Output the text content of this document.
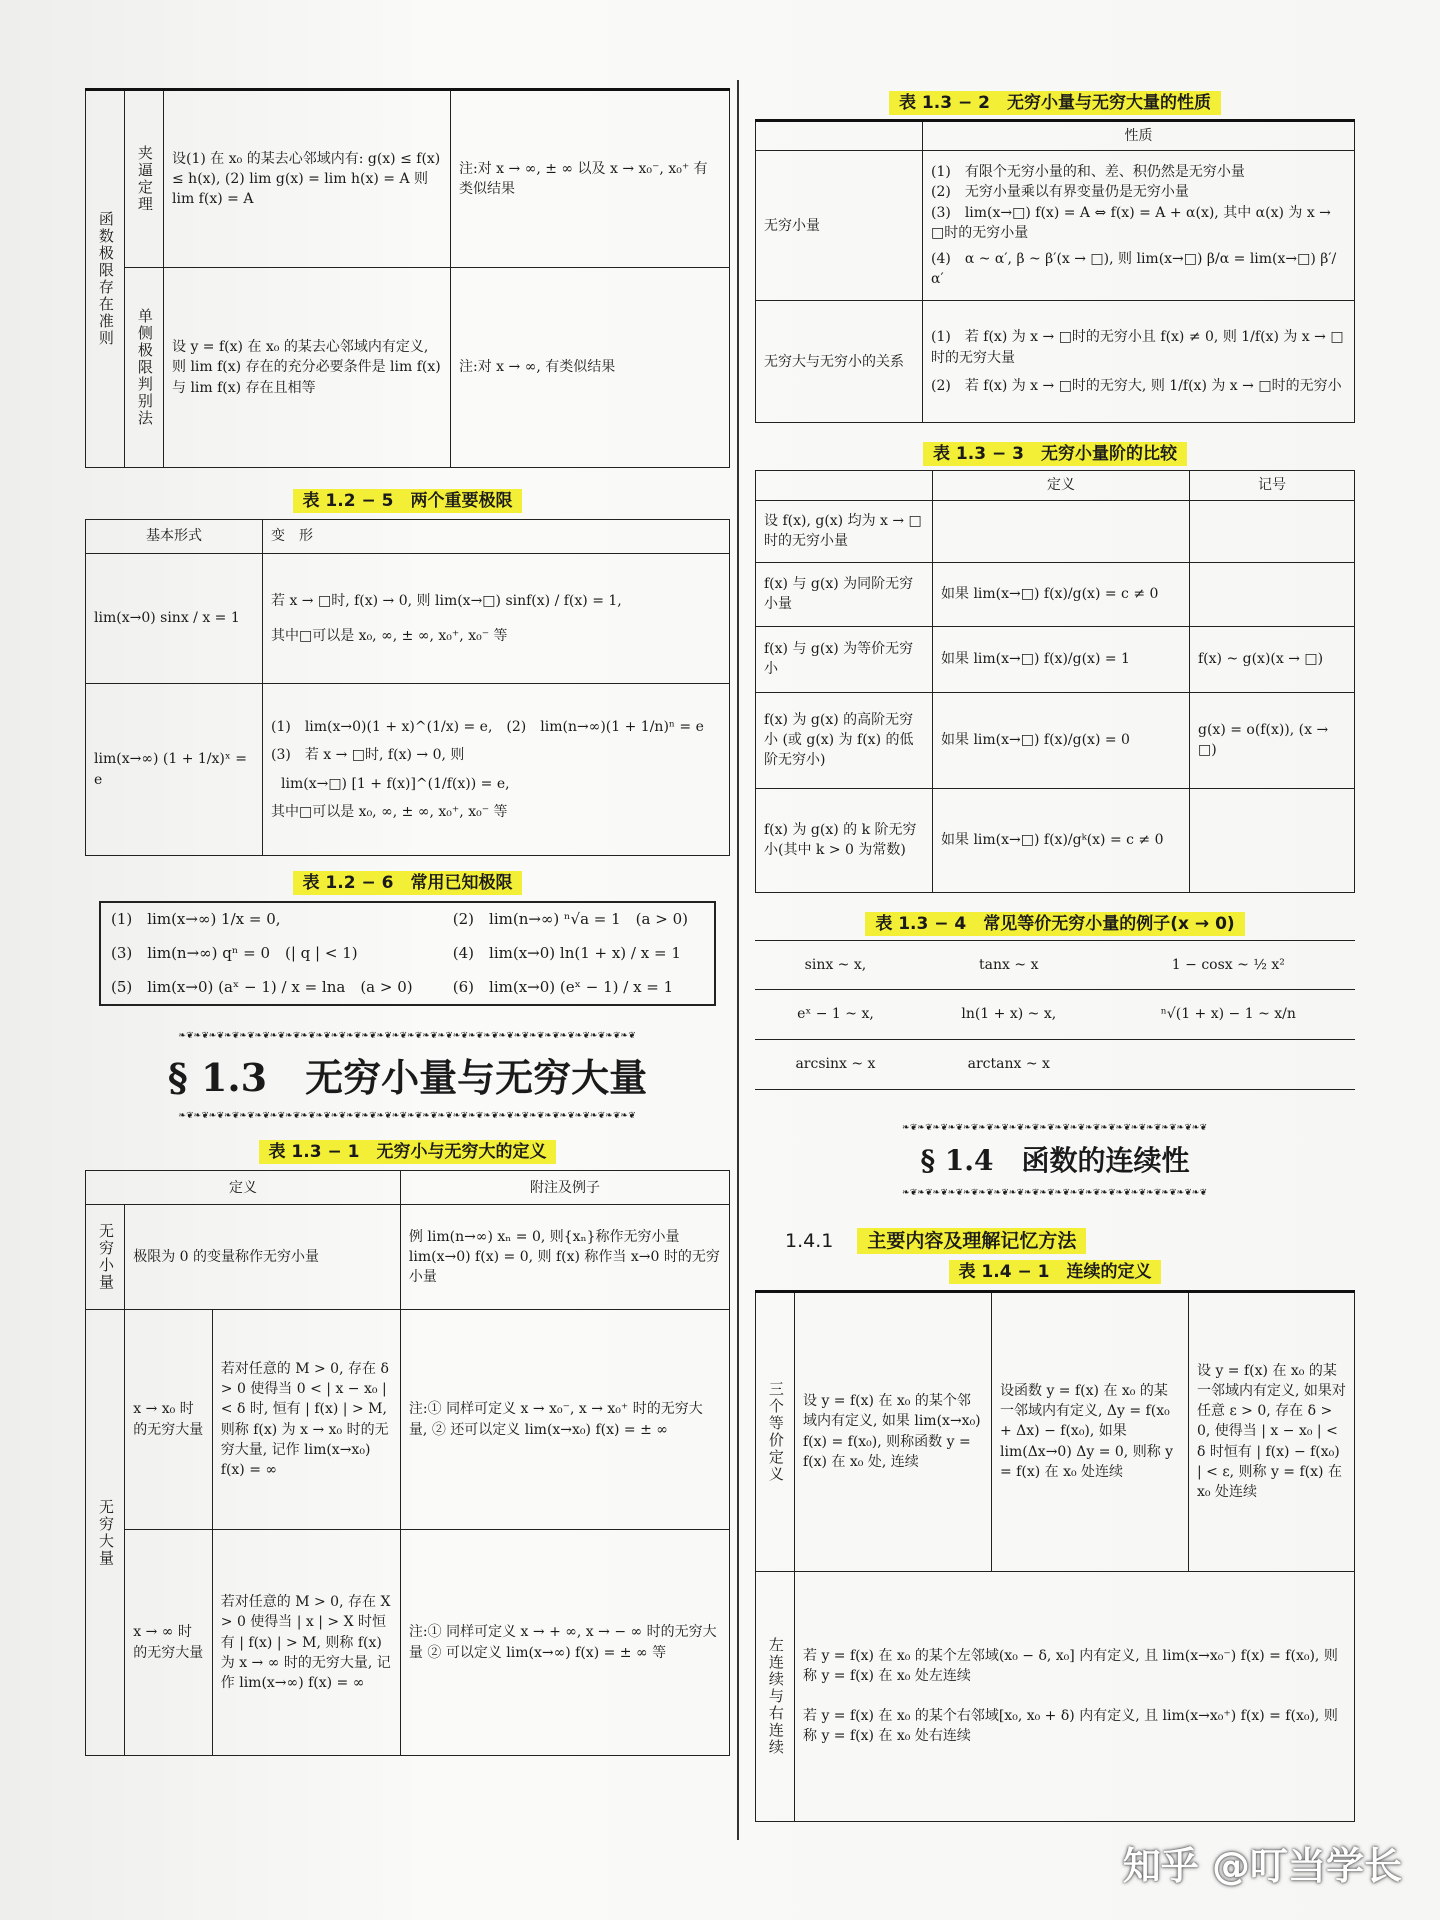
函数极限存在准则	夹逼定理	设(1) 在 x₀ 的某去心邻域内有: g(x) ≤ f(x) ≤ h(x), (2) lim g(x) = lim h(x) = A 则 lim f(x) = A	注:对 x → ∞, ± ∞ 以及 x → x₀⁻, x₀⁺ 有类似结果
	单侧极限判别法	设 y = f(x) 在 x₀ 的某去心邻域内有定义, 则 lim f(x) 存在的充分必要条件是 lim f(x) 与 lim f(x) 存在且相等	注:对 x → ∞, 有类似结果
表 1.2 − 5　两个重要极限
基本形式	变　形
lim(x→0) sinx / x = 1	若 x → □时, f(x) → 0, 则 lim(x→□) sinf(x) / f(x) = 1,
其中□可以是 x₀, ∞, ± ∞, x₀⁺, x₀⁻ 等

lim(x→∞) (1 + 1/x)ˣ = e	(1)　lim(x→0)(1 + x)^(1/x) = e,　(2)　lim(n→∞)(1 + 1/n)ⁿ = e
(3)　若 x → □时, f(x) → 0, 则
lim(x→□) [1 + f(x)]^(1/f(x)) = e,
其中□可以是 x₀, ∞, ± ∞, x₀⁺, x₀⁻ 等
表 1.2 − 6　常用已知极限
(1)　lim(x→∞) 1/x = 0,	(2)　lim(n→∞) ⁿ√a = 1　(a > 0)
(3)　lim(n→∞) qⁿ = 0　(| q | < 1)	(4)　lim(x→0) ln(1 + x) / x = 1
(5)　lim(x→0) (aˣ − 1) / x = lna　(a > 0)	(6)　lim(x→0) (eˣ − 1) / x = 1
❧❦❧❦❧❦❧❦❧❦❧❦❧❦❧❦❧❦❧❦❧❦❧❦❧❦❧❦❧❦❧❦❧❦❧❦❧❦❧❦❧❦❧❦❧❦❧❦❧❦❧❦❧❦❧❦❧❦❧❦
§ 1.3　无穷小量与无穷大量
❧❦❧❦❧❦❧❦❧❦❧❦❧❦❧❦❧❦❧❦❧❦❧❦❧❦❧❦❧❦❧❦❧❦❧❦❧❦❧❦❧❦❧❦❧❦❧❦❧❦❧❦❧❦❧❦❧❦❧❦
表 1.3 − 1　无穷小与无穷大的定义
定义			附注及例子
无穷小量	极限为 0 的变量称作无穷小量		例 lim(n→∞) xₙ = 0, 则{xₙ}称作无穷小量 lim(x→0) f(x) = 0, 则 f(x) 称作当 x→0 时的无穷小量
无穷大量	x → x₀ 时的无穷大量	若对任意的 M > 0, 存在 δ > 0 使得当 0 < | x − x₀ | < δ 时, 恒有 | f(x) | > M, 则称 f(x) 为 x → x₀ 时的无穷大量, 记作 lim(x→x₀) f(x) = ∞	注:① 同样可定义 x → x₀⁻, x → x₀⁺ 时的无穷大量, ② 还可以定义 lim(x→x₀) f(x) = ± ∞
	x → ∞ 时的无穷大量	若对任意的 M > 0, 存在 X > 0 使得当 | x | > X 时恒有 | f(x) | > M, 则称 f(x) 为 x → ∞ 时的无穷大量, 记作 lim(x→∞) f(x) = ∞	注:① 同样可定义 x → + ∞, x → − ∞ 时的无穷大量 ② 可以定义 lim(x→∞) f(x) = ± ∞ 等
表 1.3 − 2　无穷小量与无穷大量的性质
	性质
无穷小量	(1)　有限个无穷小量的和、差、积仍然是无穷小量
(2)　无穷小量乘以有界变量仍是无穷小量
(3)　lim(x→□) f(x) = A ⇔ f(x) = A + α(x), 其中 α(x) 为 x → □时的无穷小量
(4)　α ~ α′, β ~ β′(x → □), 则 lim(x→□) β/α = lim(x→□) β′/α′

无穷大与无穷小的关系	(1)　若 f(x) 为 x → □时的无穷小且 f(x) ≠ 0, 则 1/f(x) 为 x → □时的无穷大量
(2)　若 f(x) 为 x → □时的无穷大, 则 1/f(x) 为 x → □时的无穷小
表 1.3 − 3　无穷小量阶的比较
	定义	记号
设 f(x), g(x) 均为 x → □时的无穷小量		
f(x) 与 g(x) 为同阶无穷小量	如果 lim(x→□) f(x)/g(x) = c ≠ 0	
f(x) 与 g(x) 为等价无穷小	如果 lim(x→□) f(x)/g(x) = 1	f(x) ~ g(x)(x → □)
f(x) 为 g(x) 的高阶无穷小 (或 g(x) 为 f(x) 的低阶无穷小)	如果 lim(x→□) f(x)/g(x) = 0	g(x) = o(f(x)), (x → □)
f(x) 为 g(x) 的 k 阶无穷小(其中 k > 0 为常数)	如果 lim(x→□) f(x)/gᵏ(x) = c ≠ 0	
表 1.3 − 4　常见等价无穷小量的例子(x → 0)
sinx ~ x,	tanx ~ x	1 − cosx ~ ½ x²
eˣ − 1 ~ x,	ln(1 + x) ~ x,	ⁿ√(1 + x) − 1 ~ x/n
arcsinx ~ x	arctanx ~ x	
❧❦❧❦❧❦❧❦❧❦❧❦❧❦❧❦❧❦❧❦❧❦❧❦❧❦❧❦❧❦❧❦❧❦❧❦❧❦❧❦
§ 1.4　函数的连续性
❧❦❧❦❧❦❧❦❧❦❧❦❧❦❧❦❧❦❧❦❧❦❧❦❧❦❧❦❧❦❧❦❧❦❧❦❧❦❧❦
1.4.1 主要内容及理解记忆方法
表 1.4 − 1　连续的定义
三个等价定义	设 y = f(x) 在 x₀ 的某个邻域内有定义, 如果 lim(x→x₀) f(x) = f(x₀), 则称函数 y = f(x) 在 x₀ 处, 连续	设函数 y = f(x) 在 x₀ 的某一邻域内有定义, Δy = f(x₀ + Δx) − f(x₀), 如果 lim(Δx→0) Δy = 0, 则称 y = f(x) 在 x₀ 处连续	设 y = f(x) 在 x₀ 的某一邻域内有定义, 如果对任意 ε > 0, 存在 δ > 0, 使得当 | x − x₀ | < δ 时恒有 | f(x) − f(x₀) | < ε, 则称 y = f(x) 在 x₀ 处连续
左连续与右连续	若 y = f(x) 在 x₀ 的某个左邻域(x₀ − δ, x₀] 内有定义, 且 lim(x→x₀⁻) f(x) = f(x₀), 则称 y = f(x) 在 x₀ 处左连续
若 y = f(x) 在 x₀ 的某个右邻域[x₀, x₀ + δ) 内有定义, 且 lim(x→x₀⁺) f(x) = f(x₀), 则称 y = f(x) 在 x₀ 处右连续		
知乎 @叮当学长
